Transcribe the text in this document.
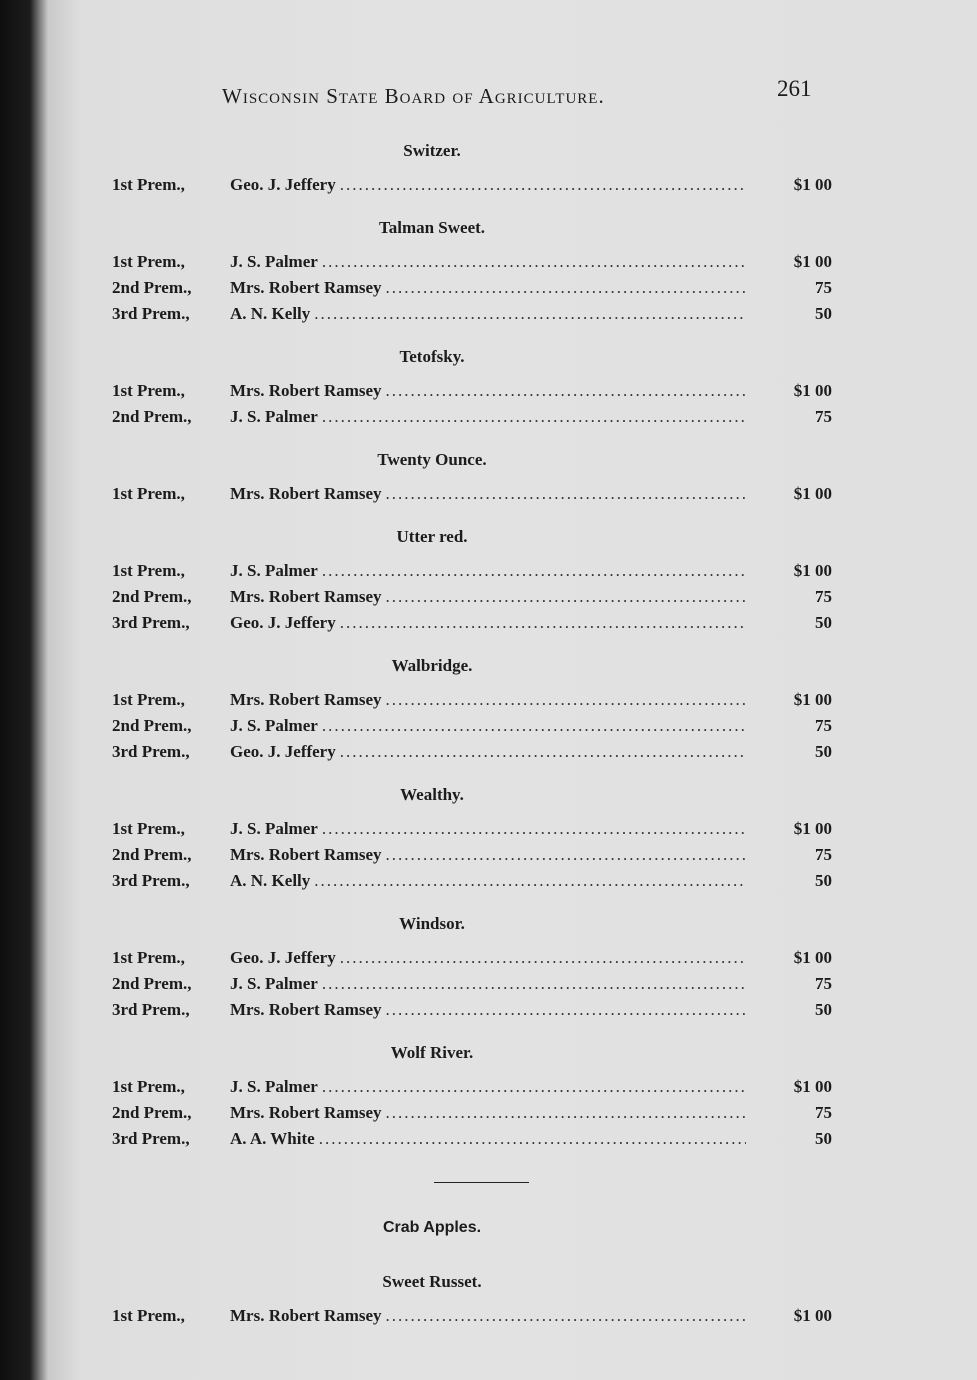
Wisconsin State Board of Agriculture.	261
Switzer.
1st Prem.,	Geo. J. Jeffery .....	$1 00
Talman Sweet.
1st Prem.,	J. S. Palmer .....	$1 00
2nd Prem.,	Mrs. Robert Ramsey .....	75
3rd Prem.,	A. N. Kelly .....	50
Tetofsky.
1st Prem.,	Mrs. Robert Ramsey .....	$1 00
2nd Prem.,	J. S. Palmer .....	75
Twenty Ounce.
1st Prem.,	Mrs. Robert Ramsey .....	$1 00
Utter red.
1st Prem.,	J. S. Palmer .....	$1 00
2nd Prem.,	Mrs. Robert Ramsey .....	75
3rd Prem.,	Geo. J. Jeffery .....	50
Walbridge.
1st Prem.,	Mrs. Robert Ramsey .....	$1 00
2nd Prem.,	J. S. Palmer .....	75
3rd Prem.,	Geo. J. Jeffery .....	50
Wealthy.
1st Prem.,	J. S. Palmer .....	$1 00
2nd Prem.,	Mrs. Robert Ramsey .....	75
3rd Prem.,	A. N. Kelly .....	50
Windsor.
1st Prem.,	Geo. J. Jeffery .....	$1 00
2nd Prem.,	J. S. Palmer .....	75
3rd Prem.,	Mrs. Robert Ramsey .....	50
Wolf River.
1st Prem.,	J. S. Palmer .....	$1 00
2nd Prem.,	Mrs. Robert Ramsey .....	75
3rd Prem.,	A. A. White .....	50
Crab Apples.
Sweet Russet.
1st Prem.,	Mrs. Robert Ramsey .....	$1 00
